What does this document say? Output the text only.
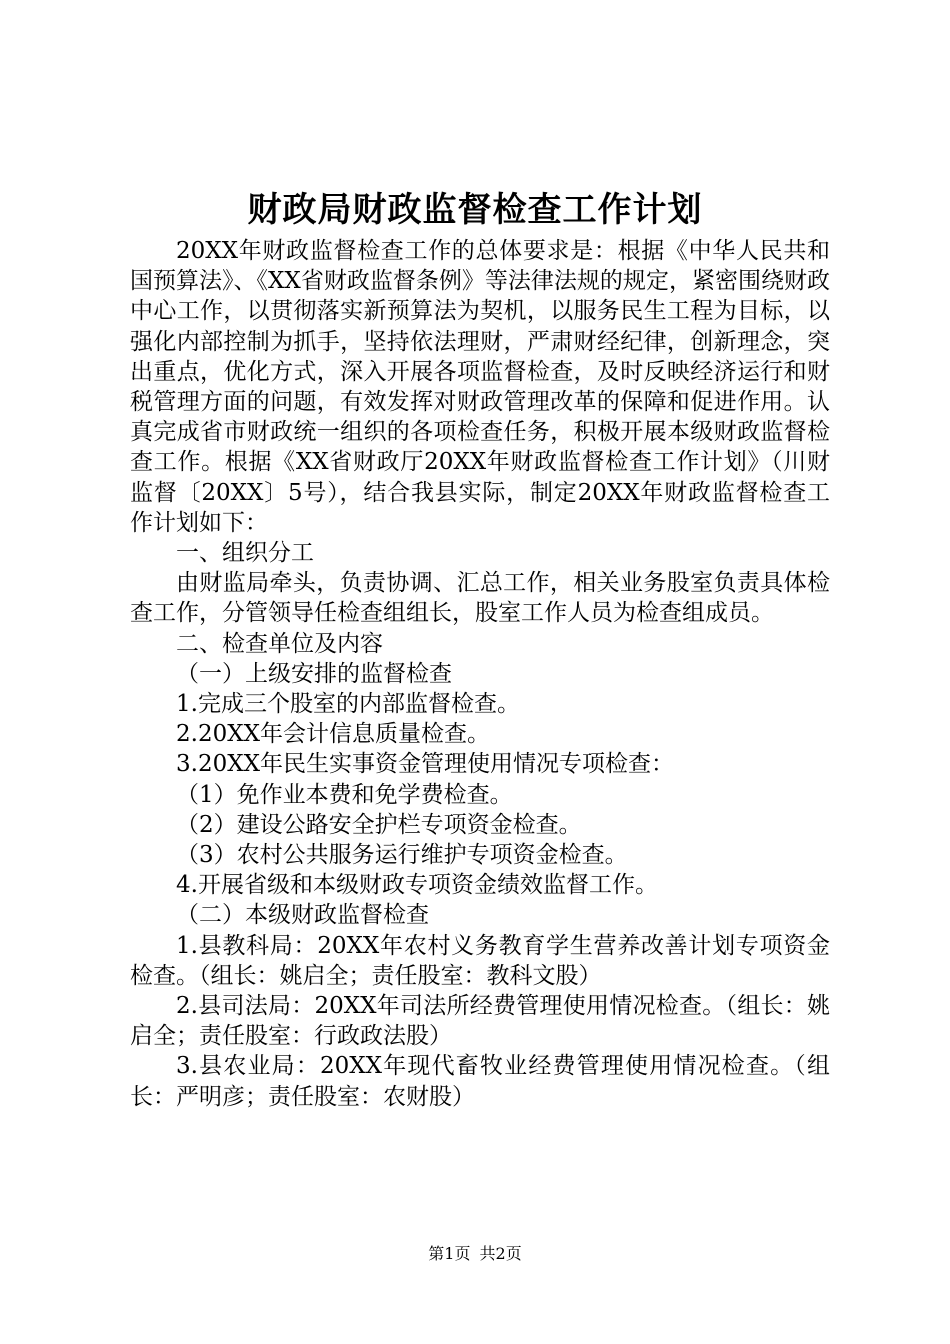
财政局财政监督检查工作计划

20XX年财政监督检查工作的总体要求是：根据《中华人民共和国预算法》、《XX省财政监督条例》等法律法规的规定，紧密围绕财政中心工作，以贯彻落实新预算法为契机，以服务民生工程为目标，以强化内部控制为抓手，坚持依法理财，严肃财经纪律，创新理念，突出重点，优化方式，深入开展各项监督检查，及时反映经济运行和财税管理方面的问题，有效发挥对财政管理改革的保障和促进作用。认真完成省市财政统一组织的各项检查任务，积极开展本级财政监督检查工作。根据《XX省财政厅20XX年财政监督检查工作计划》（川财监督〔20XX〕5号），结合我县实际，制定20XX年财政监督检查工作计划如下：

一、组织分工

由财监局牵头，负责协调、汇总工作，相关业务股室负责具体检查工作，分管领导任检查组组长，股室工作人员为检查组成员。

二、检查单位及内容

（一）上级安排的监督检查

1.完成三个股室的内部监督检查。

2.20XX年会计信息质量检查。

3.20XX年民生实事资金管理使用情况专项检查：

（1）免作业本费和免学费检查。

（2）建设公路安全护栏专项资金检查。

（3）农村公共服务运行维护专项资金检查。

4.开展省级和本级财政专项资金绩效监督工作。

（二）本级财政监督检查

1.县教科局：20XX年农村义务教育学生营养改善计划专项资金检查。（组长：姚启全；责任股室：教科文股）

2.县司法局：20XX年司法所经费管理使用情况检查。（组长：姚启全；责任股室：行政政法股）

3.县农业局：20XX年现代畜牧业经费管理使用情况检查。（组长：严明彦；责任股室：农财股）

第1页 共2页
